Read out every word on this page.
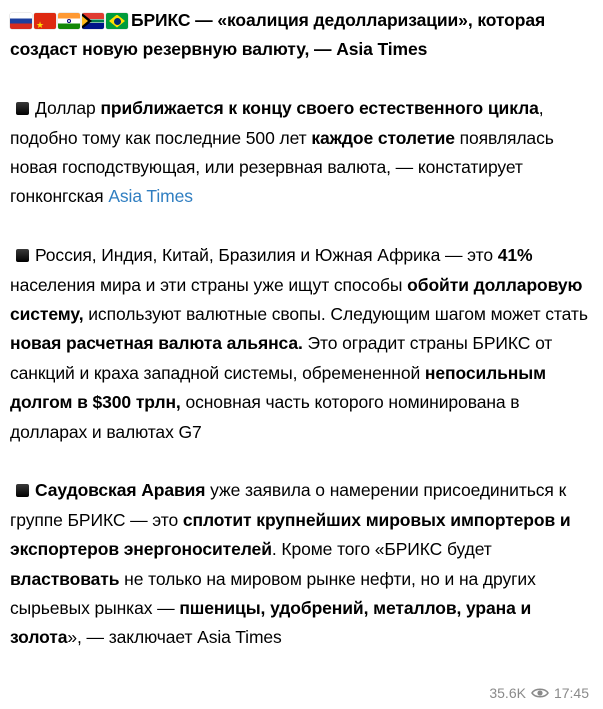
★
БРИКС — «коалиция дедолларизации», которая создаст новую резервную валюту, — Asia Times

Доллар приближается к концу своего естественного цикла, подобно тому как последние 500 лет каждое столетие появлялась новая господствующая, или резервная валюта, — констатирует гонконгская Asia Times

Россия, Индия, Китай, Бразилия и Южная Африка — это 41% населения мира и эти страны уже ищут способы обойти долларовую систему, используют валютные свопы. Следующим шагом может стать новая расчетная валюта альянса. Это оградит страны БРИКС от санкций и краха западной системы, обремененной непосильным долгом в $300 трлн, основная часть которого номинирована в долларах и валютах G7

Саудовская Аравия уже заявила о намерении присоединиться к группе БРИКС — это сплотит крупнейших мировых импортеров и экспортеров энергоносителей. Кроме того «БРИКС будет властвовать не только на мировом рынке нефти, но и на других сырьевых рынках — пшеницы, удобрений, металлов, урана и золота», — заключает Asia Times

35.6K 17:45
